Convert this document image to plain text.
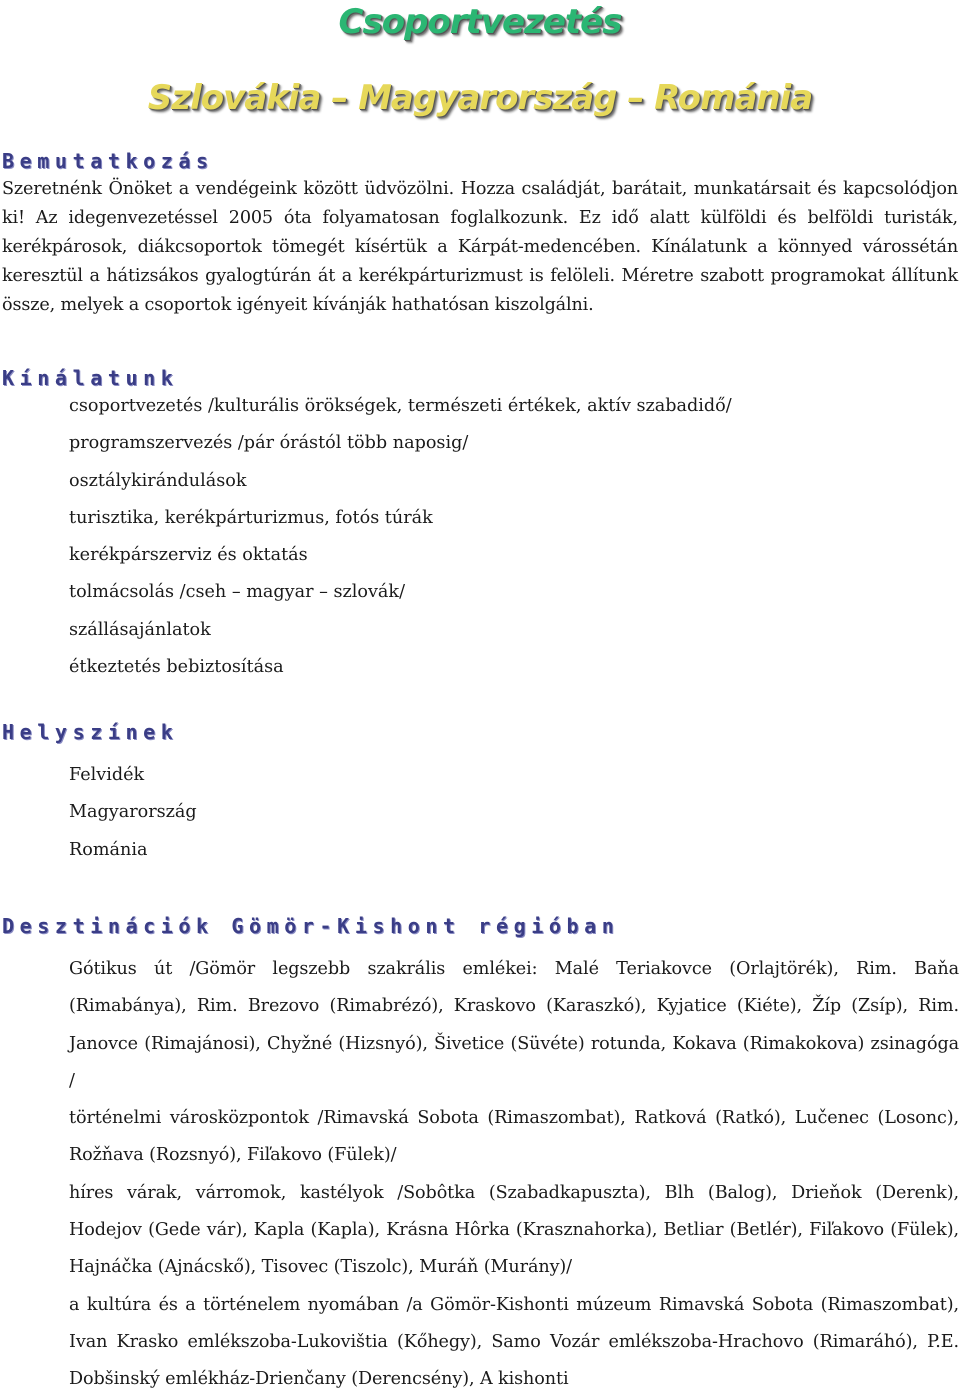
Csoportvezetés
Szlovákia – Magyarország – Románia
Bemutatkozás
Szeretnénk Önöket a vendégeink között üdvözölni. Hozza családját, barátait, munkatársait és kapcsolódjon ki! Az idegenvezetéssel 2005 óta folyamatosan foglalkozunk. Ez idő alatt külföldi és belföldi turisták, kerékpárosok, diákcsoportok tömegét kísértük a Kárpát-medencében. Kínálatunk a könnyed várossétán keresztül a hátizsákos gyalogtúrán át a kerékpárturizmust is felöleli. Méretre szabott programokat állítunk össze, melyek a csoportok igényeit kívánják hathatósan kiszolgálni.
Kínálatunk
csoportvezetés /kulturális örökségek, természeti értékek, aktív szabadidő/
programszervezés /pár órástól több naposig/
osztálykirándulások
turisztika, kerékpárturizmus, fotós túrák
kerékpárszerviz és oktatás
tolmácsolás /cseh – magyar – szlovák/
szállásajánlatok
étkeztetés bebiztosítása
Helyszínek
Felvidék
Magyarország
Románia
Desztinációk Gömör-Kishont régióban

Gótikus út /Gömör legszebb szakrális emlékei: Malé Teriakovce (Orlajtörék), Rim. Baňa (Rimabánya), Rim. Brezovo (Rimabrézó), Kraskovo (Karaszkó), Kyjatice (Kiéte), Žíp (Zsíp), Rim. Janovce (Rimajánosi), Chyžné (Hizsnyó), Šivetice (Süvéte) rotunda, Kokava (Rimakokova) zsinagóga /

történelmi városközpontok /Rimavská Sobota (Rimaszombat), Ratková (Ratkó), Lučenec (Losonc), Rožňava (Rozsnyó), Fiľakovo (Fülek)/

híres várak, várromok, kastélyok /Sobôtka (Szabadkapuszta), Blh (Balog), Drieňok (Derenk), Hodejov (Gede vár), Kapla (Kapla), Krásna Hôrka (Krasznahorka), Betliar (Betlér), Fiľakovo (Fülek), Hajnáčka (Ajnácskő), Tisovec (Tiszolc), Muráň (Murány)/

a kultúra és a történelem nyomában /a Gömör-Kishonti múzeum Rimavská Sobota (Rimaszombat), Ivan Krasko emlékszoba-Lukovištia (Kőhegy), Samo Vozár emlékszoba-Hrachovo (Rimaráhó), P.E. Dobšinský emlékház-Drienčany (Derencsény), A kishonti
